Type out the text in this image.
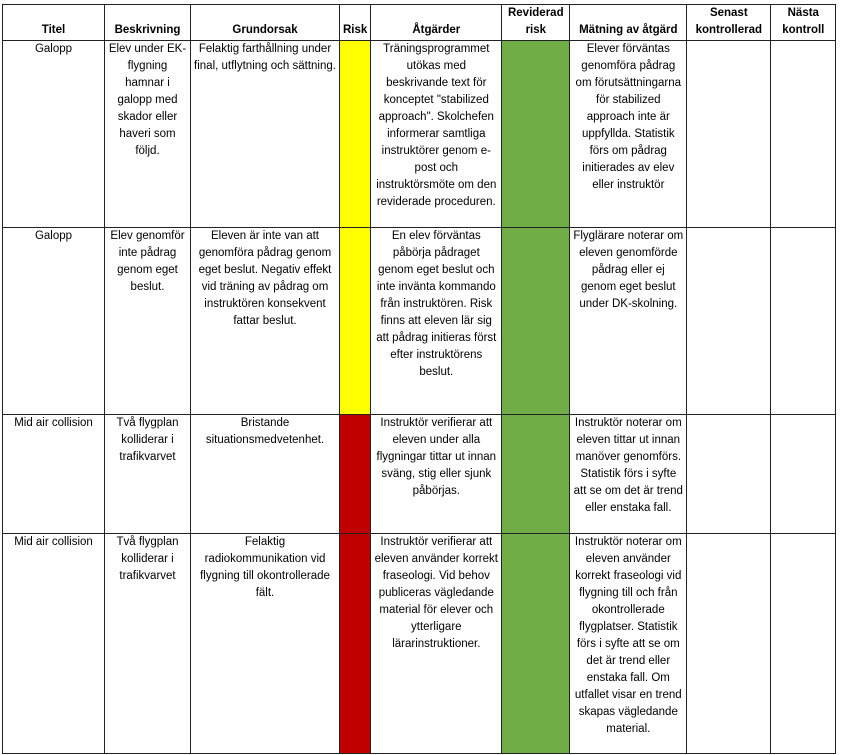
Titel	Beskrivning	Grundorsak	Risk	Åtgärder	Reviderad risk	Mätning av åtgärd	Senast kontrollerad	Nästa kontroll
Galopp	Elev under EK-flygning hamnar i galopp med skador eller haveri som följd.	Felaktig farthållning under final, utflytning och sättning.		Träningsprogrammet utökas med beskrivande text för konceptet "stabilized approach". Skolchefen informerar samtliga instruktörer genom e-post och instruktörsmöte om den reviderade proceduren.		Elever förväntas genomföra pådrag om förutsättningarna för stabilized approach inte är uppfyllda. Statistik förs om pådrag initierades av elev eller instruktör		
Galopp	Elev genomför inte pådrag genom eget beslut.	Eleven är inte van att genomföra pådrag genom eget beslut. Negativ effekt vid träning av pådrag om instruktören konsekvent fattar beslut.		En elev förväntas påbörja pådraget genom eget beslut och inte invänta kommando från instruktören. Risk finns att eleven lär sig att pådrag initieras först efter instruktörens beslut.		Flyglärare noterar om eleven genomförde pådrag eller ej genom eget beslut under DK-skolning.		
Mid air collision	Två flygplan kolliderar i trafikvarvet	Bristande situationsmedvetenhet.		Instruktör verifierar att eleven under alla flygningar tittar ut innan sväng, stig eller sjunk påbörjas.		Instruktör noterar om eleven tittar ut innan manöver genomförs. Statistik förs i syfte att se om det är trend eller enstaka fall.		
Mid air collision	Två flygplan kolliderar i trafikvarvet	Felaktig radiokommunikation vid flygning till okontrollerade fält.		Instruktör verifierar att eleven använder korrekt fraseologi. Vid behov publiceras vägledande material för elever och ytterligare lärarinstruktioner.		Instruktör noterar om eleven använder korrekt fraseologi vid flygning till och från okontrollerade flygplatser. Statistik förs i syfte att se om det är trend eller enstaka fall. Om utfallet visar en trend skapas vägledande material.		
